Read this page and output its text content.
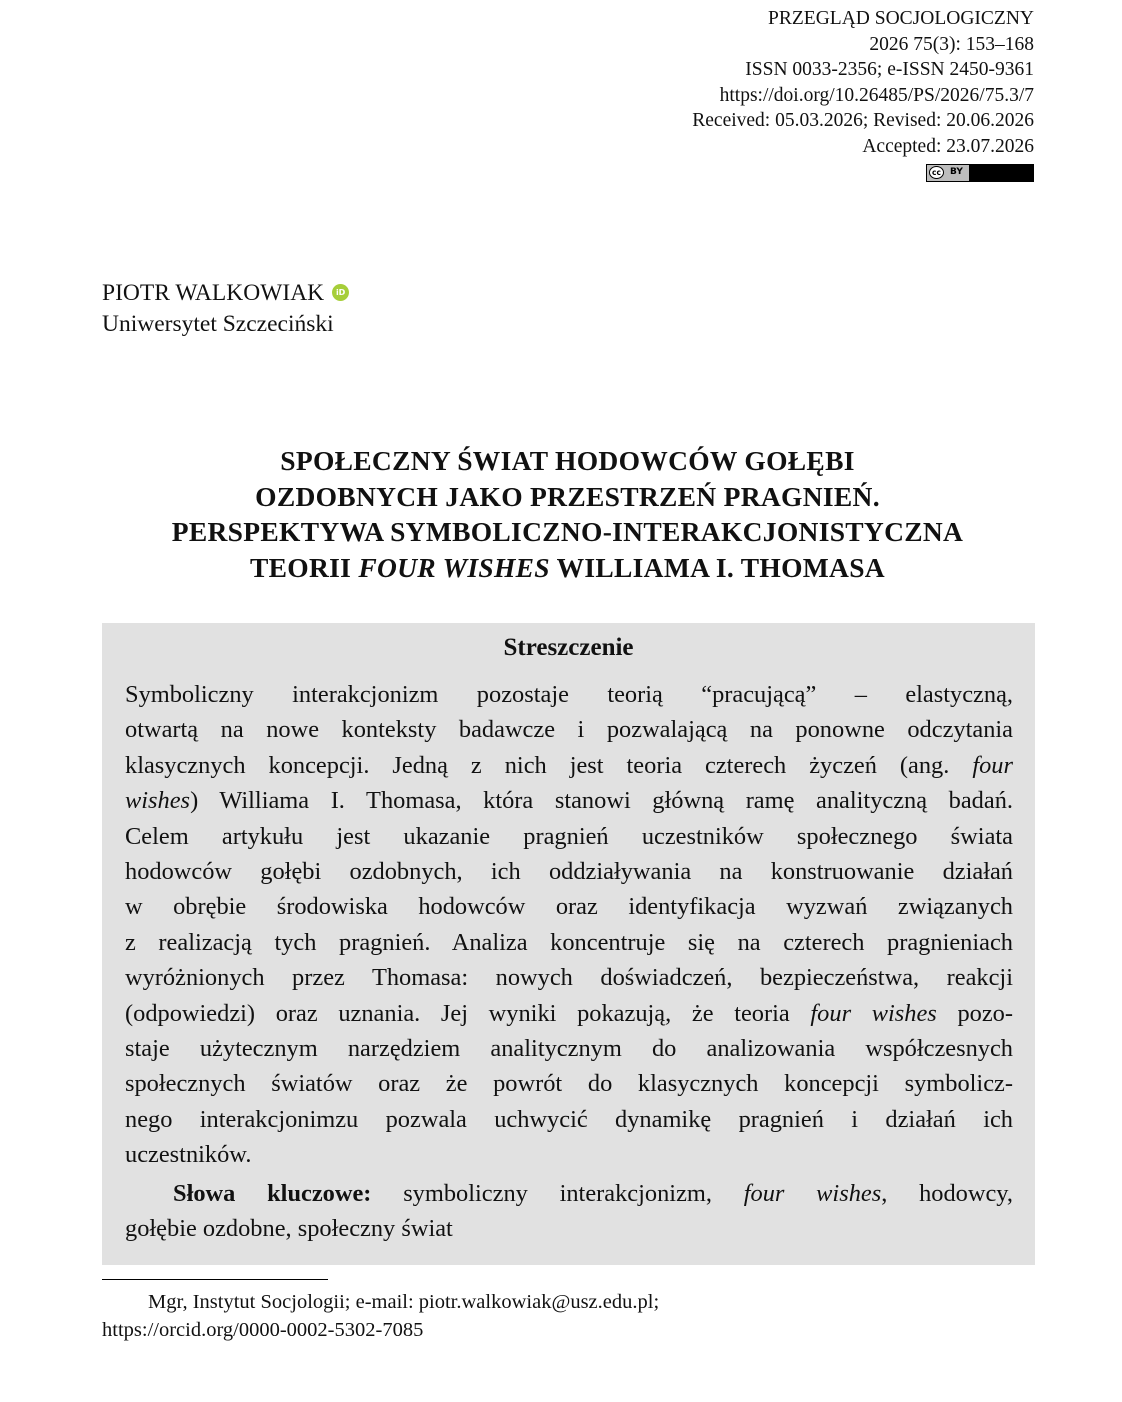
PRZEGLĄD SOCJOLOGICZNY
2026 75(3): 153–168
ISSN 0033-2356; e-ISSN 2450-9361
https://doi.org/10.26485/PS/2026/75.3/7
Received: 05.03.2026; Revised: 20.06.2026
Accepted: 23.07.2026
cc	BY
PIOTR WALKOWIAK	iD
Uniwersytet Szczeciński
SPOŁECZNY ŚWIAT HODOWCÓW GOŁĘBI
OZDOBNYCH JAKO PRZESTRZEŃ PRAGNIEŃ.
PERSPEKTYWA SYMBOLICZNO-INTERAKCJONISTYCZNA
TEORII FOUR WISHES WILLIAMA I. THOMASA
Streszczenie
Symboliczny interakcjonizm pozostaje teorią “pracującą” – elastyczną,
otwartą na nowe konteksty badawcze i pozwalającą na ponowne odczytania
klasycznych koncepcji. Jedną z nich jest teoria czterech życzeń (ang. four
wishes) Williama I. Thomasa, która stanowi główną ramę analityczną badań.
Celem artykułu jest ukazanie pragnień uczestników społecznego świata
hodowców gołębi ozdobnych, ich oddziaływania na konstruowanie działań
w obrębie środowiska hodowców oraz identyfikacja wyzwań związanych
z realizacją tych pragnień. Analiza koncentruje się na czterech pragnieniach
wyróżnionych przez Thomasa: nowych doświadczeń, bezpieczeństwa, reakcji
(odpowiedzi) oraz uznania. Jej wyniki pokazują, że teoria four wishes pozo-
staje użytecznym narzędziem analitycznym do analizowania współczesnych
społecznych światów oraz że powrót do klasycznych koncepcji symbolicz-
nego interakcjonimzu pozwala uchwycić dynamikę pragnień i działań ich
uczestników.
Słowa kluczowe: symboliczny interakcjonizm, four wishes, hodowcy,
gołębie ozdobne, społeczny świat
Mgr, Instytut Socjologii; e-mail: piotr.walkowiak@usz.edu.pl;
https://orcid.org/0000-0002-5302-7085
